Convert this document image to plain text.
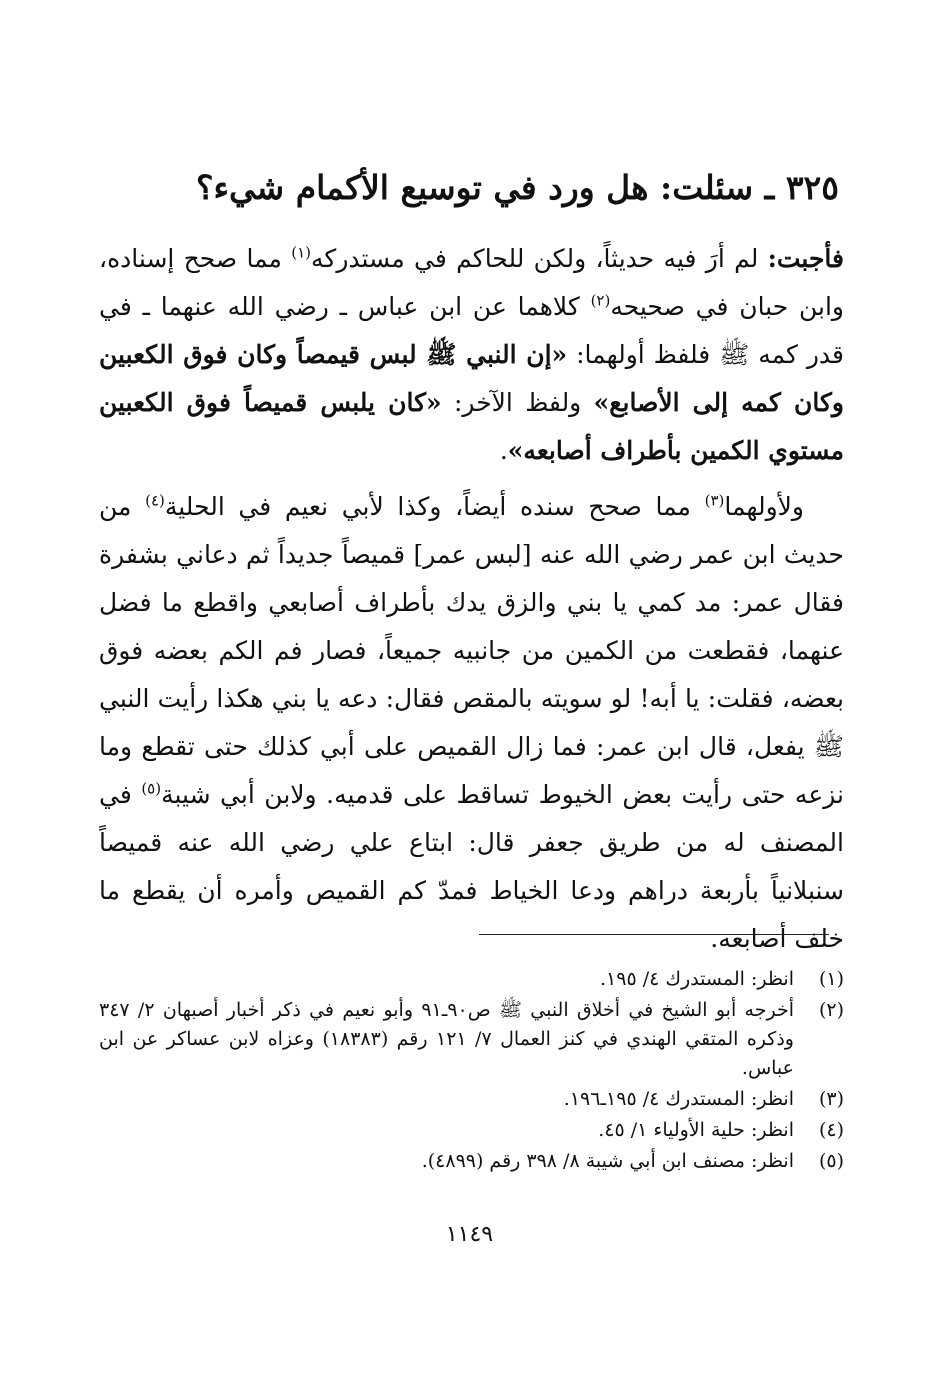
٣٢٥ ـ سئلت: هل ورد في توسيع الأكمام شيء؟

فأجبت: لم أرَ فيه حديثاً، ولكن للحاكم في مستدركه$^{(١)}$ مما صحح إسناده، وابن حبان في صحيحه$^{(٢)}$ كلاهما عن ابن عباس ـ رضي الله عنهما ـ في قدر كمه ﷺ فلفظ أولهما: «إن النبي ﷺ لبس قيمصاً وكان فوق الكعبين وكان كمه إلى الأصابع» ولفظ الآخر: «كان يلبس قميصاً فوق الكعبين مستوي الكمين بأطراف أصابعه».

ولأولهما$^{(٣)}$ مما صحح سنده أيضاً، وكذا لأبي نعيم في الحلية$^{(٤)}$ من حديث ابن عمر رضي الله عنه [لبس عمر] قميصاً جديداً ثم دعاني بشفرة فقال عمر: مد كمي يا بني والزق يدك بأطراف أصابعي واقطع ما فضل عنهما، فقطعت من الكمين من جانبيه جميعاً، فصار فم الكم بعضه فوق بعضه، فقلت: يا أبه! لو سويته بالمقص فقال: دعه يا بني هكذا رأيت النبي ﷺ يفعل، قال ابن عمر: فما زال القميص على أبي كذلك حتى تقطع وما نزعه حتى رأيت بعض الخيوط تساقط على قدميه. ولابن أبي شيبة$^{(٥)}$ في المصنف له من طريق جعفر قال: ابتاع علي رضي الله عنه قميصاً سنبلانياً بأربعة دراهم ودعا الخياط فمدّ كم القميص وأمره أن يقطع ما خلف أصابعه.

(١)
انظر: المستدرك ٤/ ١٩٥.
(٢)
أخرجه أبو الشيخ في أخلاق النبي ﷺ ص٩٠ـ٩١ وأبو نعيم في ذكر أخبار أصبهان ٢/ ٣٤٧ وذكره المتقي الهندي في كنز العمال ٧/ ١٢١ رقم (١٨٣٨٣) وعزاه لابن عساكر عن ابن عباس.
(٣)
انظر: المستدرك ٤/ ١٩٥ـ١٩٦.
(٤)
انظر: حلية الأولياء ١/ ٤٥.
(٥)
انظر: مصنف ابن أبي شيبة ٨/ ٣٩٨ رقم (٤٨٩٩).
١١٤٩
